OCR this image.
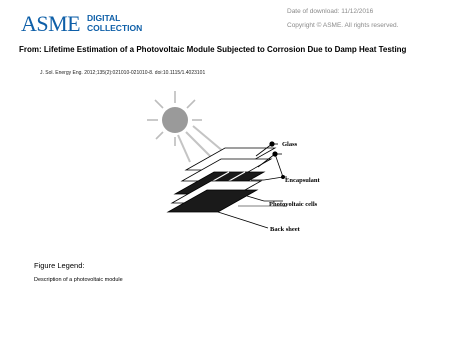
ASME DIGITAL
COLLECTION
Date of download: 11/12/2016
Copyright © ASME. All rights reserved.
From: Lifetime Estimation of a Photovoltaic Module Subjected to Corrosion Due to Damp Heat Testing
J. Sol. Energy Eng. 2012;135(2):021010-021010-8. doi:10.1115/1.4023101
Glass
Encapsulant
Photovoltaic cells
Back sheet
Figure Legend:
Description of a photovoltaic module
